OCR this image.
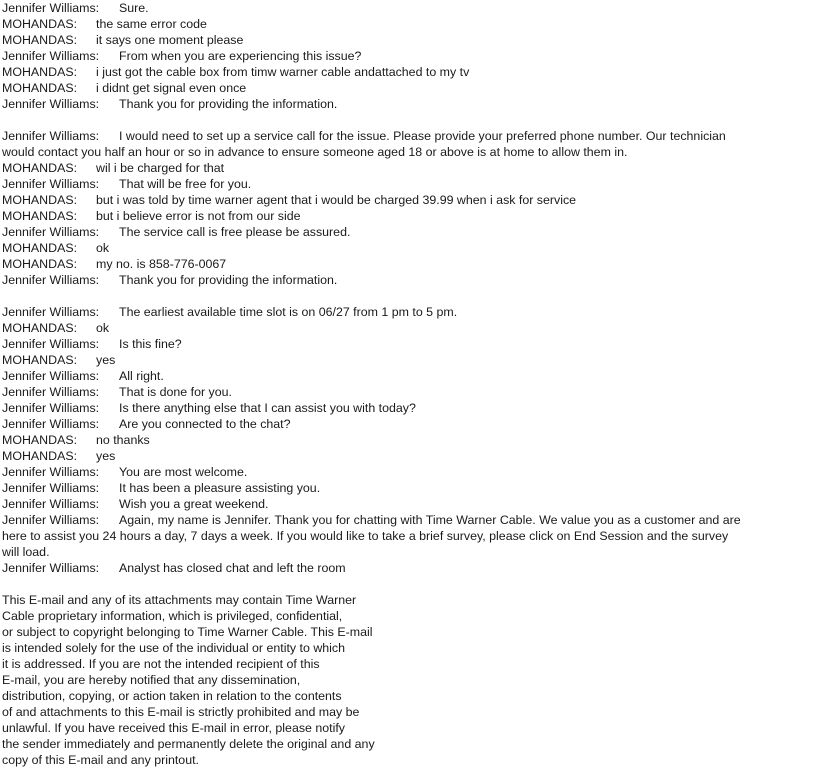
Jennifer Williams: Sure.
MOHANDAS: the same error code
MOHANDAS: it says one moment please
Jennifer Williams: From when you are experiencing this issue?
MOHANDAS: i just got the cable box from timw warner cable andattached to my tv
MOHANDAS: i didnt get signal even once
Jennifer Williams: Thank you for providing the information.
Jennifer Williams: I would need to set up a service call for the issue. Please provide your preferred phone number. Our technician
would contact you half an hour or so in advance to ensure someone aged 18 or above is at home to allow them in.
MOHANDAS: wil i be charged for that
Jennifer Williams: That will be free for you.
MOHANDAS: but i was told by time warner agent that i would be charged 39.99 when i ask for service
MOHANDAS: but i believe error is not from our side
Jennifer Williams: The service call is free please be assured.
MOHANDAS: ok
MOHANDAS: my no. is 858-776-0067
Jennifer Williams: Thank you for providing the information.
Jennifer Williams: The earliest available time slot is on 06/27 from 1 pm to 5 pm.
MOHANDAS: ok
Jennifer Williams: Is this fine?
MOHANDAS: yes
Jennifer Williams: All right.
Jennifer Williams: That is done for you.
Jennifer Williams: Is there anything else that I can assist you with today?
Jennifer Williams: Are you connected to the chat?
MOHANDAS: no thanks
MOHANDAS: yes
Jennifer Williams: You are most welcome.
Jennifer Williams: It has been a pleasure assisting you.
Jennifer Williams: Wish you a great weekend.
Jennifer Williams: Again, my name is Jennifer. Thank you for chatting with Time Warner Cable. We value you as a customer and are
here to assist you 24 hours a day, 7 days a week. If you would like to take a brief survey, please click on End Session and the survey
will load.
Jennifer Williams: Analyst has closed chat and left the room
This E-mail and any of its attachments may contain Time Warner
Cable proprietary information, which is privileged, confidential,
or subject to copyright belonging to Time Warner Cable. This E-mail
is intended solely for the use of the individual or entity to which
it is addressed. If you are not the intended recipient of this
E-mail, you are hereby notified that any dissemination,
distribution, copying, or action taken in relation to the contents
of and attachments to this E-mail is strictly prohibited and may be
unlawful. If you have received this E-mail in error, please notify
the sender immediately and permanently delete the original and any
copy of this E-mail and any printout.
